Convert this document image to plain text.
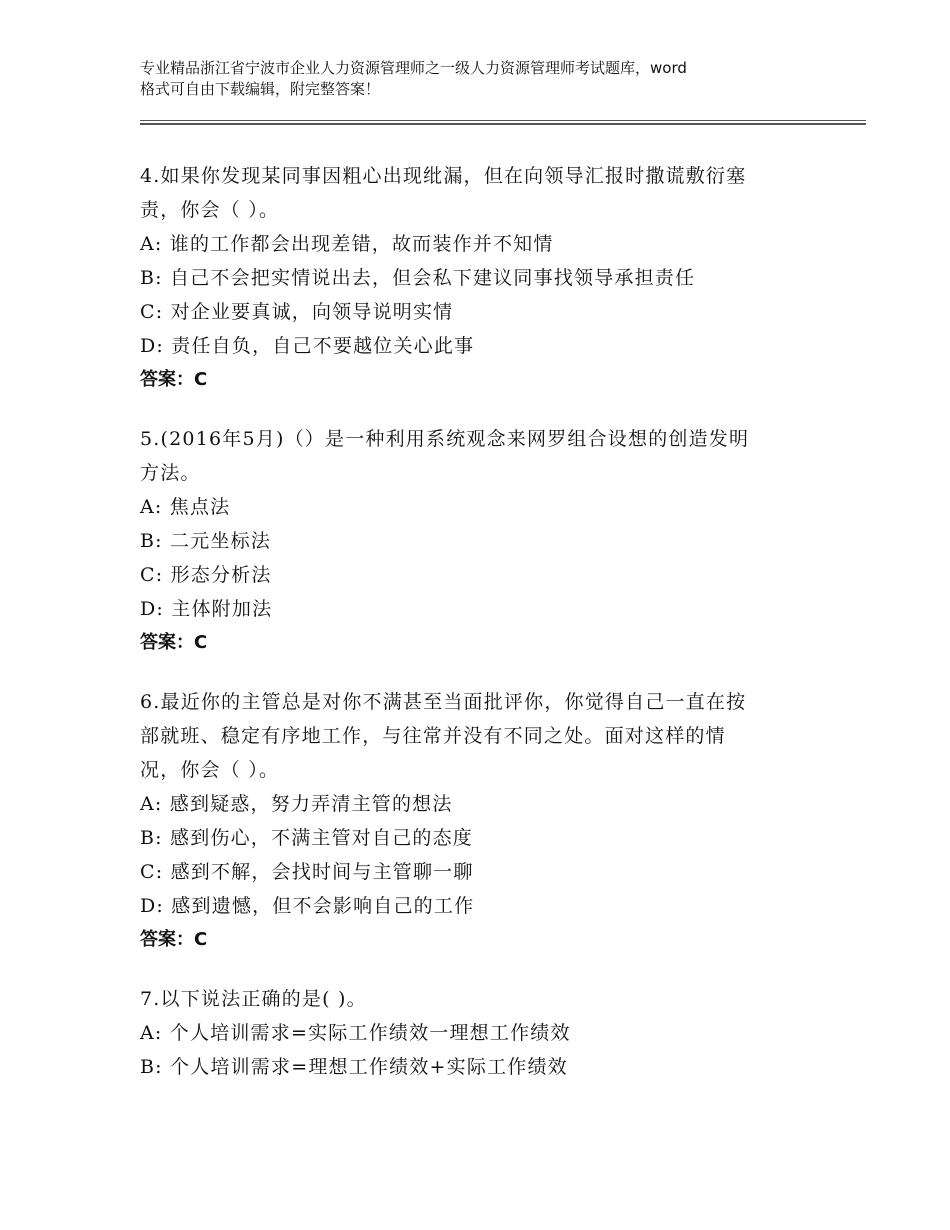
专业精品浙江省宁波市企业人力资源管理师之一级人力资源管理师考试题库，word
格式可自由下载编辑，附完整答案！

4.如果你发现某同事因粗心出现纰漏，但在向领导汇报时撒谎敷衍塞

责，你会（ ）。

A: 谁的工作都会出现差错，故而装作并不知情

B: 自己不会把实情说出去，但会私下建议同事找领导承担责任

C: 对企业要真诚，向领导说明实情

D: 责任自负，自己不要越位关心此事

答案：C

5.(2016年5月)（）是一种利用系统观念来网罗组合设想的创造发明

方法。

A: 焦点法

B: 二元坐标法

C: 形态分析法

D: 主体附加法

答案：C

6.最近你的主管总是对你不满甚至当面批评你，你觉得自己一直在按

部就班、稳定有序地工作，与往常并没有不同之处。面对这样的情

况，你会（ ）。

A: 感到疑惑，努力弄清主管的想法

B: 感到伤心，不满主管对自己的态度

C: 感到不解，会找时间与主管聊一聊

D: 感到遗憾，但不会影响自己的工作

答案：C

7.以下说法正确的是( )。

A: 个人培训需求=实际工作绩效一理想工作绩效

B: 个人培训需求=理想工作绩效+实际工作绩效
